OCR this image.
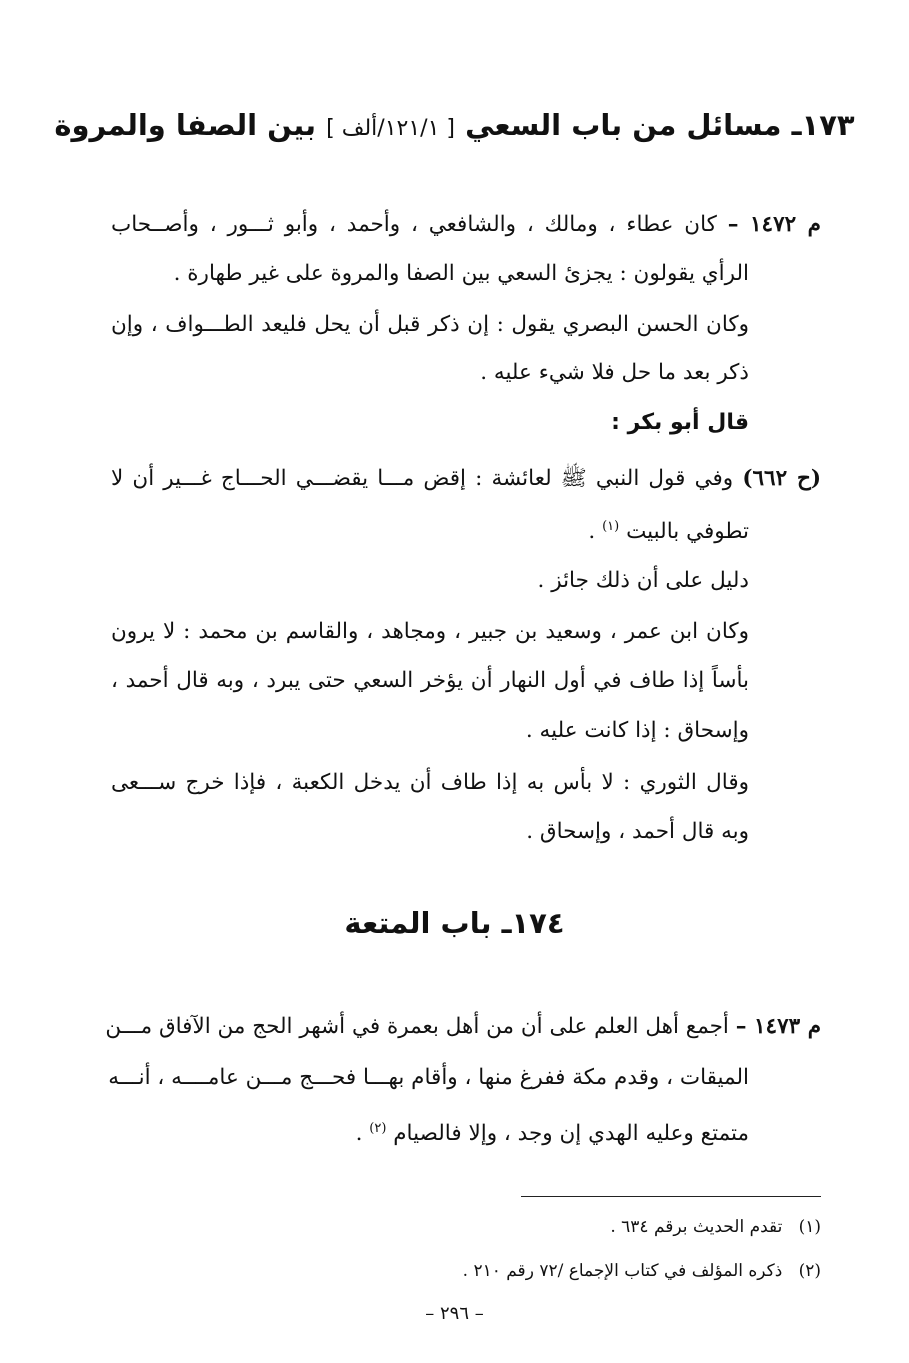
١٧٣ـ مسائل من باب السعي [ ١٢١/١/ألف ] بين الصفا والمروة
م ١٤٧٢ – كان عطاء ، ومالك ، والشافعي ، وأحمد ، وأبو ثـــور ، وأصــحاب
الرأي يقولون : يجزئ السعي بين الصفا والمروة على غير طهارة .
وكان الحسن البصري يقول : إن ذكر قبل أن يحل فليعد الطـــواف ، وإن
ذكر بعد ما حل فلا شيء عليه .
قال أبو بكر :
(ح ٦٦٢) وفي قول النبي ﷺ لعائشة : إقض مـــا يقضـــي الحـــاج غـــير أن لا
تطوفي بالبيت $^{(١)}$ .
دليل على أن ذلك جائز .
وكان ابن عمر ، وسعيد بن جبير ، ومجاهد ، والقاسم بن محمد : لا يرون
بأساً إذا طاف في أول النهار أن يؤخر السعي حتى يبرد ، وبه قال أحمد ،
وإسحاق : إذا كانت عليه .
وقال الثوري : لا بأس به إذا طاف أن يدخل الكعبة ، فإذا خرج ســـعى
وبه قال أحمد ، وإسحاق .
١٧٤ـ باب المتعة
م ١٤٧٣ – أجمع أهل العلم على أن من أهل بعمرة في أشهر الحج من الآفاق مـــن
الميقات ، وقدم مكة ففرغ منها ، وأقام بهـــا فحـــج مـــن عامــــه ، أنـــه
متمتع وعليه الهدي إن وجد ، وإلا فالصيام $^{(٢)}$ .
(١)   تقدم الحديث برقم ٦٣٤ .
(٢)   ذكره المؤلف في كتاب الإجماع /٧٢ رقم ٢١٠ .
– ٢٩٦ –
